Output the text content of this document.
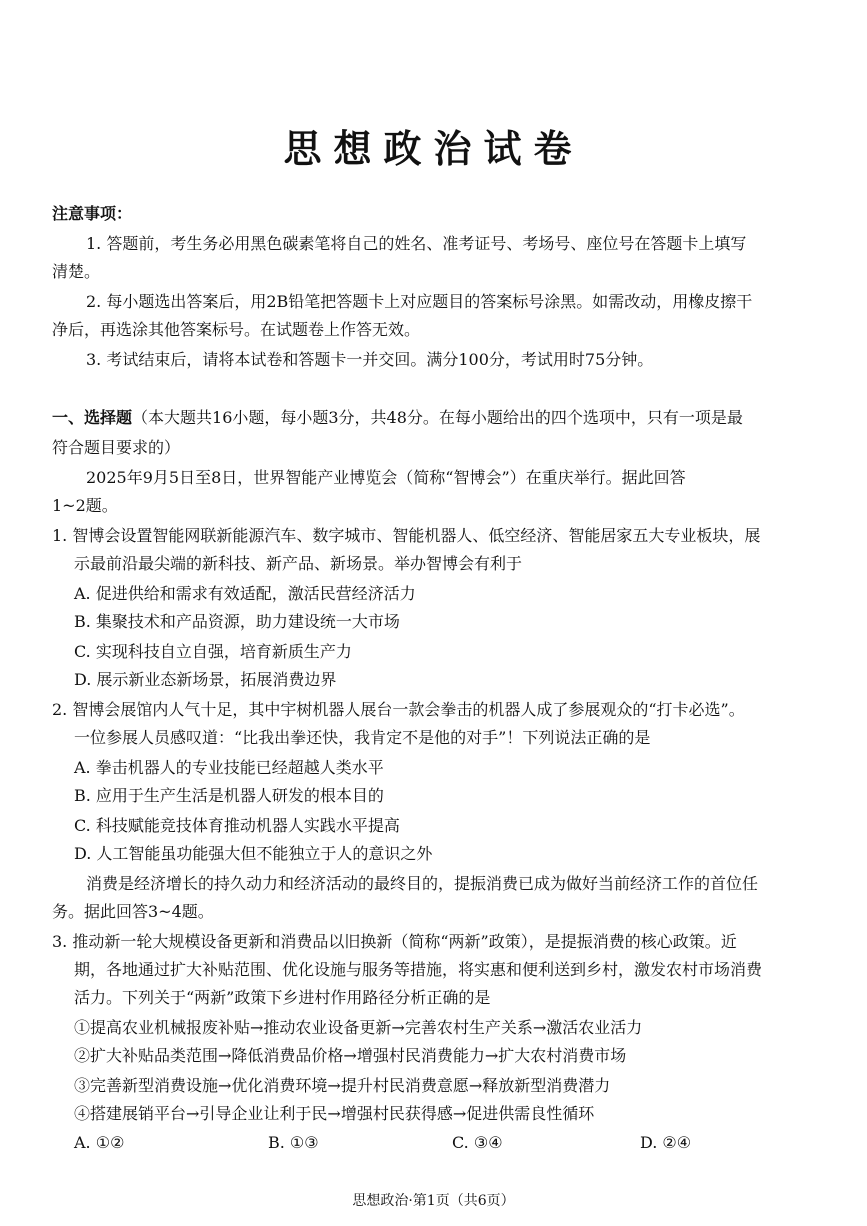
思想政治试卷
注意事项：
1. 答题前，考生务必用黑色碳素笔将自己的姓名、准考证号、考场号、座位号在答题卡上填写
清楚。
2. 每小题选出答案后，用2B铅笔把答题卡上对应题目的答案标号涂黑。如需改动，用橡皮擦干
净后，再选涂其他答案标号。在试题卷上作答无效。
3. 考试结束后，请将本试卷和答题卡一并交回。满分100分，考试用时75分钟。
一、选择题（本大题共16小题，每小题3分，共48分。在每小题给出的四个选项中，只有一项是最
符合题目要求的）
2025年9月5日至8日，世界智能产业博览会（简称“智博会”）在重庆举行。据此回答
1~2题。
1. 智博会设置智能网联新能源汽车、数字城市、智能机器人、低空经济、智能居家五大专业板块，展
示最前沿最尖端的新科技、新产品、新场景。举办智博会有利于
A. 促进供给和需求有效适配，激活民营经济活力
B. 集聚技术和产品资源，助力建设统一大市场
C. 实现科技自立自强，培育新质生产力
D. 展示新业态新场景，拓展消费边界
2. 智博会展馆内人气十足，其中宇树机器人展台一款会拳击的机器人成了参展观众的“打卡必选”。
一位参展人员感叹道：“比我出拳还快，我肯定不是他的对手”！下列说法正确的是
A. 拳击机器人的专业技能已经超越人类水平
B. 应用于生产生活是机器人研发的根本目的
C. 科技赋能竞技体育推动机器人实践水平提高
D. 人工智能虽功能强大但不能独立于人的意识之外
消费是经济增长的持久动力和经济活动的最终目的，提振消费已成为做好当前经济工作的首位任
务。据此回答3~4题。
3. 推动新一轮大规模设备更新和消费品以旧换新（简称“两新”政策），是提振消费的核心政策。近
期，各地通过扩大补贴范围、优化设施与服务等措施，将实惠和便利送到乡村，激发农村市场消费
活力。下列关于“两新”政策下乡进村作用路径分析正确的是
①提高农业机械报废补贴→推动农业设备更新→完善农村生产关系→激活农业活力
②扩大补贴品类范围→降低消费品价格→增强村民消费能力→扩大农村消费市场
③完善新型消费设施→优化消费环境→提升村民消费意愿→释放新型消费潜力
④搭建展销平台→引导企业让利于民→增强村民获得感→促进供需良性循环
A. ①②	B. ①③	C. ③④	D. ②④
思想政治·第1页（共6页）
